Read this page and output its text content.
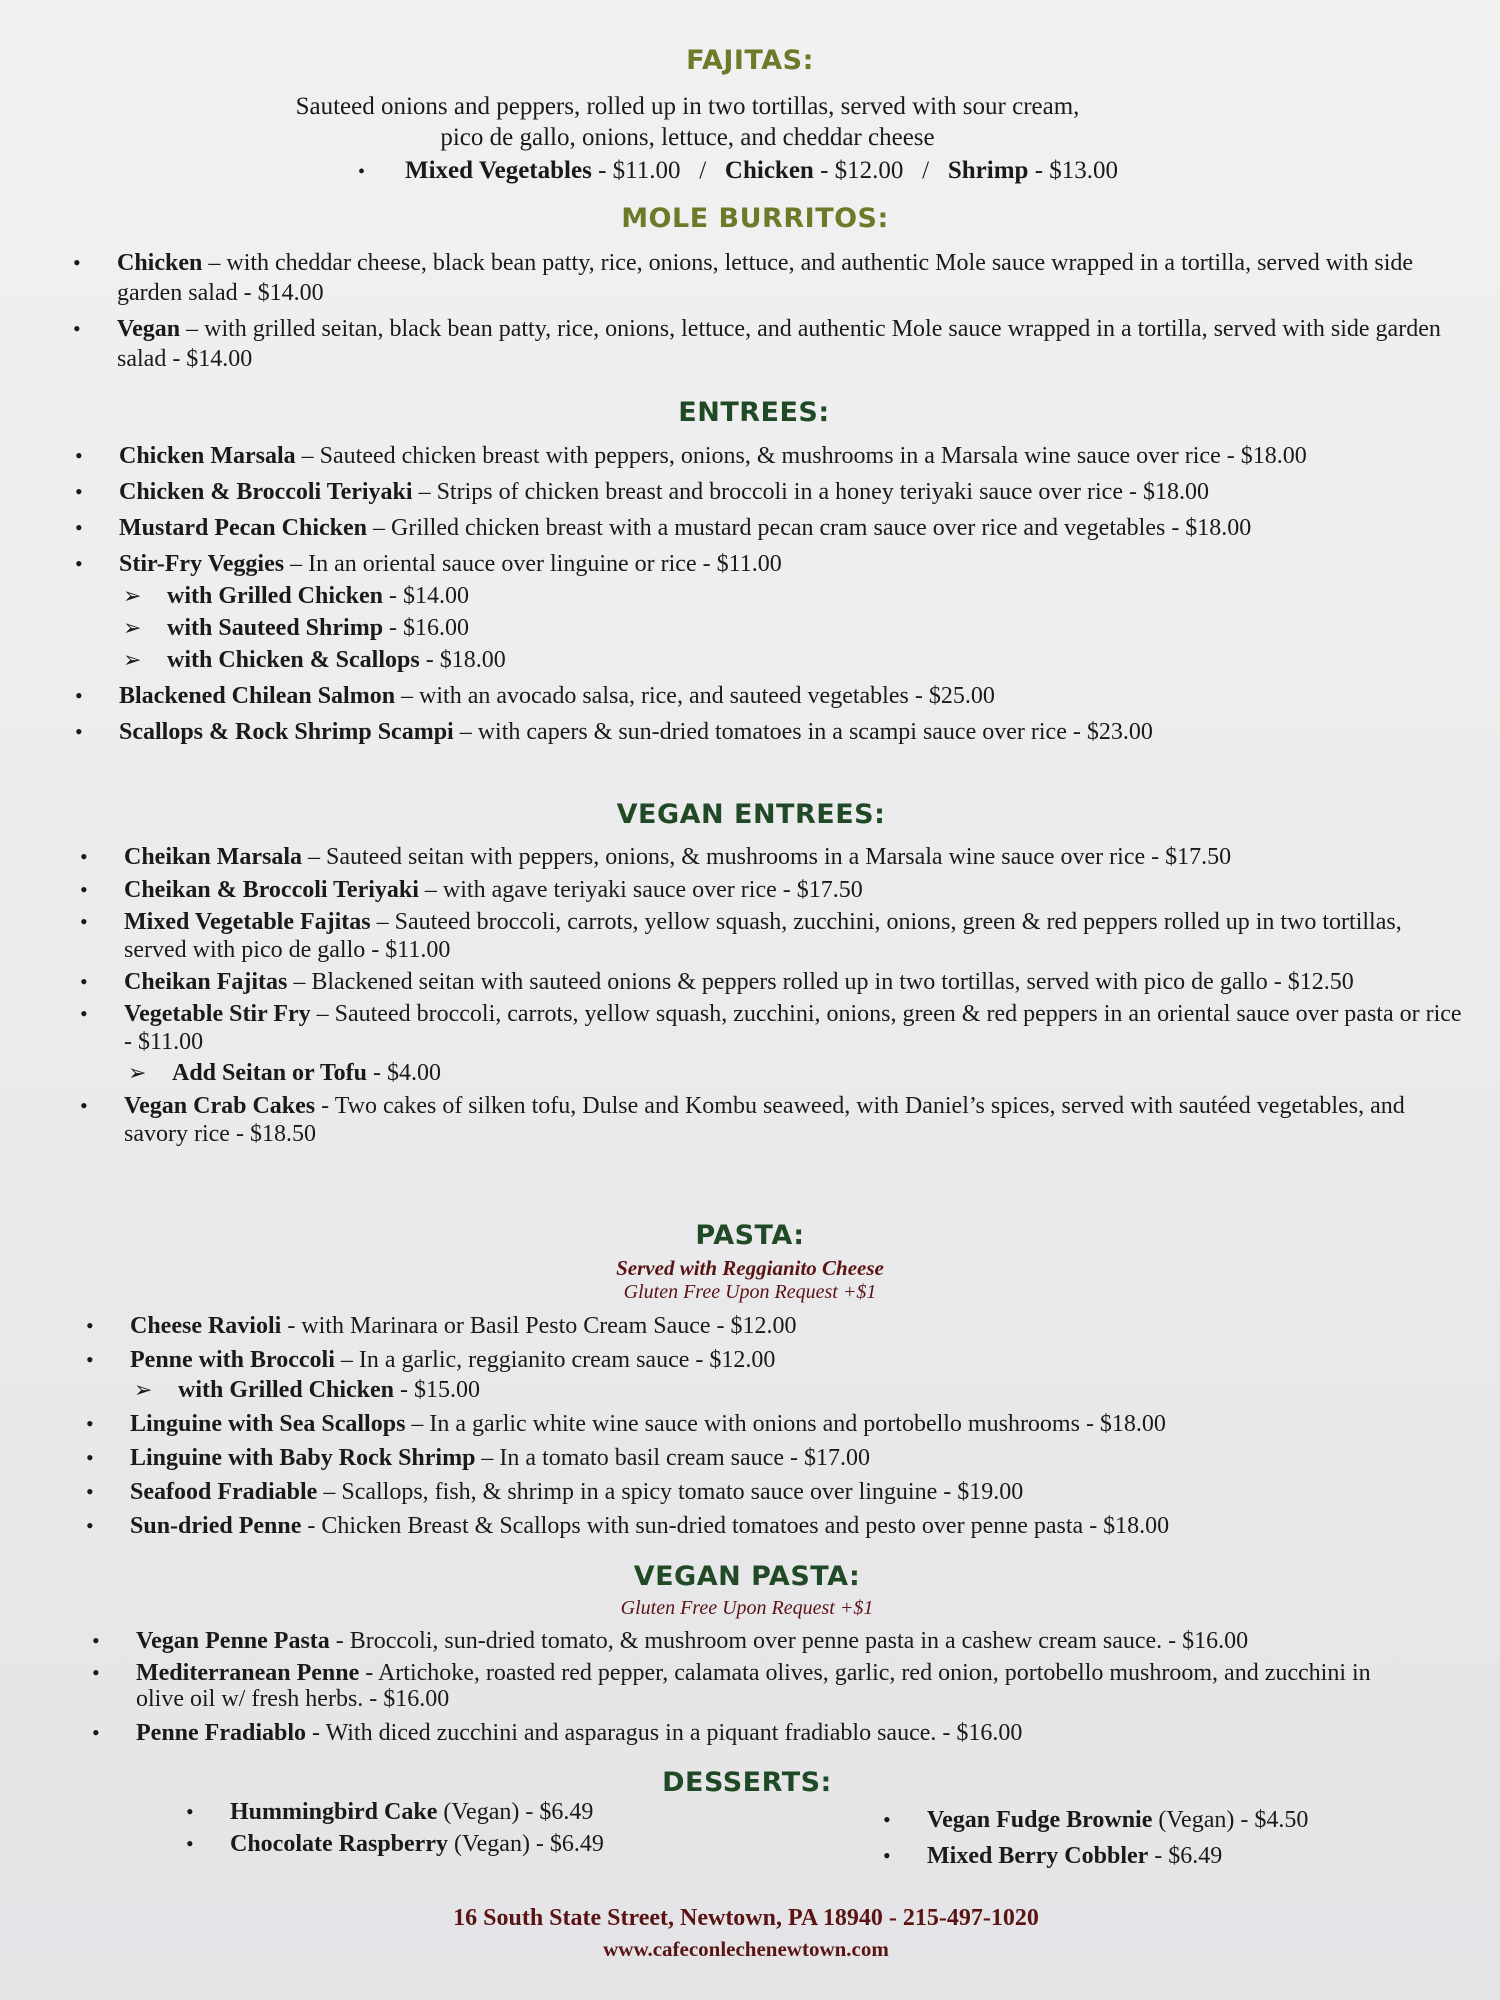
FAJITAS:
Sauteed onions and peppers, rolled up in two tortillas, served with sour cream,
pico de gallo, onions, lettuce, and cheddar cheese
• Mixed Vegetables - $11.00 / Chicken - $12.00 / Shrimp - $13.00
MOLE BURRITOS:
• Chicken – with cheddar cheese, black bean patty, rice, onions, lettuce, and authentic Mole sauce wrapped in a tortilla, served with side garden salad - $14.00
• Vegan – with grilled seitan, black bean patty, rice, onions, lettuce, and authentic Mole sauce wrapped in a tortilla, served with side garden salad - $14.00
ENTREES:
• Chicken Marsala – Sauteed chicken breast with peppers, onions, & mushrooms in a Marsala wine sauce over rice - $18.00
• Chicken & Broccoli Teriyaki – Strips of chicken breast and broccoli in a honey teriyaki sauce over rice - $18.00
• Mustard Pecan Chicken – Grilled chicken breast with a mustard pecan cram sauce over rice and vegetables - $18.00
• Stir-Fry Veggies – In an oriental sauce over linguine or rice - $11.00
➢ with Grilled Chicken - $14.00
➢ with Sauteed Shrimp - $16.00
➢ with Chicken & Scallops - $18.00
• Blackened Chilean Salmon – with an avocado salsa, rice, and sauteed vegetables - $25.00
• Scallops & Rock Shrimp Scampi – with capers & sun-dried tomatoes in a scampi sauce over rice - $23.00
VEGAN ENTREES:
• Cheikan Marsala – Sauteed seitan with peppers, onions, & mushrooms in a Marsala wine sauce over rice - $17.50
• Cheikan & Broccoli Teriyaki – with agave teriyaki sauce over rice - $17.50
• Mixed Vegetable Fajitas – Sauteed broccoli, carrots, yellow squash, zucchini, onions, green & red peppers rolled up in two tortillas, served with pico de gallo - $11.00
• Cheikan Fajitas – Blackened seitan with sauteed onions & peppers rolled up in two tortillas, served with pico de gallo - $12.50
• Vegetable Stir Fry – Sauteed broccoli, carrots, yellow squash, zucchini, onions, green & red peppers in an oriental sauce over pasta or rice - $11.00
➢ Add Seitan or Tofu - $4.00
• Vegan Crab Cakes - Two cakes of silken tofu, Dulse and Kombu seaweed, with Daniel’s spices, served with sautéed vegetables, and savory rice - $18.50
PASTA:
Served with Reggianito Cheese
Gluten Free Upon Request +$1
• Cheese Ravioli - with Marinara or Basil Pesto Cream Sauce - $12.00
• Penne with Broccoli – In a garlic, reggianito cream sauce - $12.00
➢ with Grilled Chicken - $15.00
• Linguine with Sea Scallops – In a garlic white wine sauce with onions and portobello mushrooms - $18.00
• Linguine with Baby Rock Shrimp – In a tomato basil cream sauce - $17.00
• Seafood Fradiable – Scallops, fish, & shrimp in a spicy tomato sauce over linguine - $19.00
• Sun-dried Penne - Chicken Breast & Scallops with sun-dried tomatoes and pesto over penne pasta - $18.00
VEGAN PASTA:
Gluten Free Upon Request +$1
• Vegan Penne Pasta - Broccoli, sun-dried tomato, & mushroom over penne pasta in a cashew cream sauce. - $16.00
• Mediterranean Penne - Artichoke, roasted red pepper, calamata olives, garlic, red onion, portobello mushroom, and zucchini in olive oil w/ fresh herbs. - $16.00
• Penne Fradiablo - With diced zucchini and asparagus in a piquant fradiablo sauce. - $16.00
DESSERTS:
• Hummingbird Cake (Vegan) - $6.49
• Chocolate Raspberry (Vegan) - $6.49
• Vegan Fudge Brownie (Vegan) - $4.50
• Mixed Berry Cobbler - $6.49
16 South State Street, Newtown, PA 18940 - 215-497-1020
www.cafeconlechenewtown.com
